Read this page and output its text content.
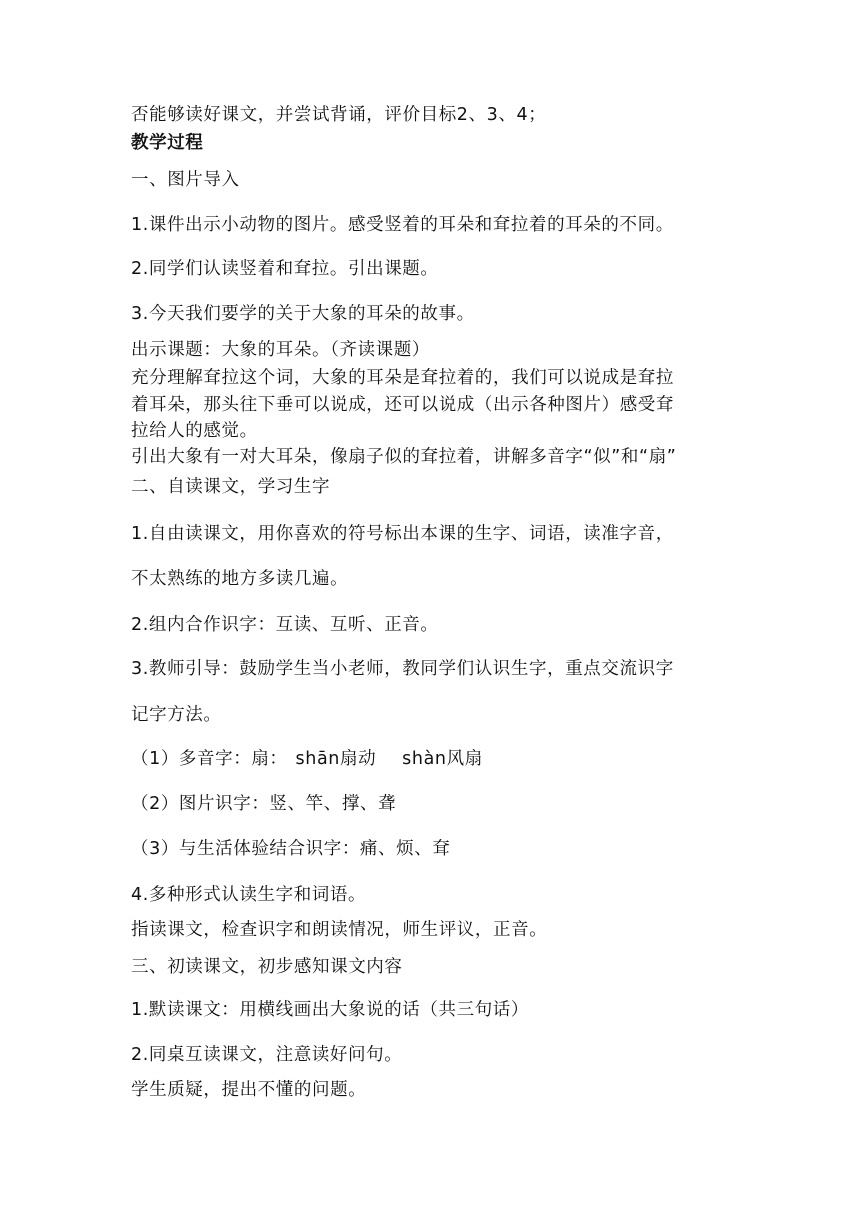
否能够读好课文，并尝试背诵，评价目标2、3、4；
教学过程
一、图片导入
1.课件出示小动物的图片。感受竖着的耳朵和耷拉着的耳朵的不同。
2.同学们认读竖着和耷拉。引出课题。
3.今天我们要学的关于大象的耳朵的故事。
出示课题：大象的耳朵。（齐读课题）
充分理解耷拉这个词，大象的耳朵是耷拉着的，我们可以说成是耷拉
着耳朵，那头往下垂可以说成，还可以说成（出示各种图片）感受耷
拉给人的感觉。
引出大象有一对大耳朵，像扇子似的耷拉着，讲解多音字“似”和“扇”
二、自读课文，学习生字
1.自由读课文，用你喜欢的符号标出本课的生字、词语，读准字音，
不太熟练的地方多读几遍。
2.组内合作识字：互读、互听、正音。
3.教师引导：鼓励学生当小老师，教同学们认识生字，重点交流识字
记字方法。
（1）多音字：扇： shān扇动 shàn风扇
（2）图片识字：竖、竿、撑、聋
（3）与生活体验结合识字：痛、烦、耷
4.多种形式认读生字和词语。
指读课文，检查识字和朗读情况，师生评议，正音。
三、初读课文，初步感知课文内容
1.默读课文：用横线画出大象说的话（共三句话）
2.同桌互读课文，注意读好问句。
学生质疑，提出不懂的问题。
